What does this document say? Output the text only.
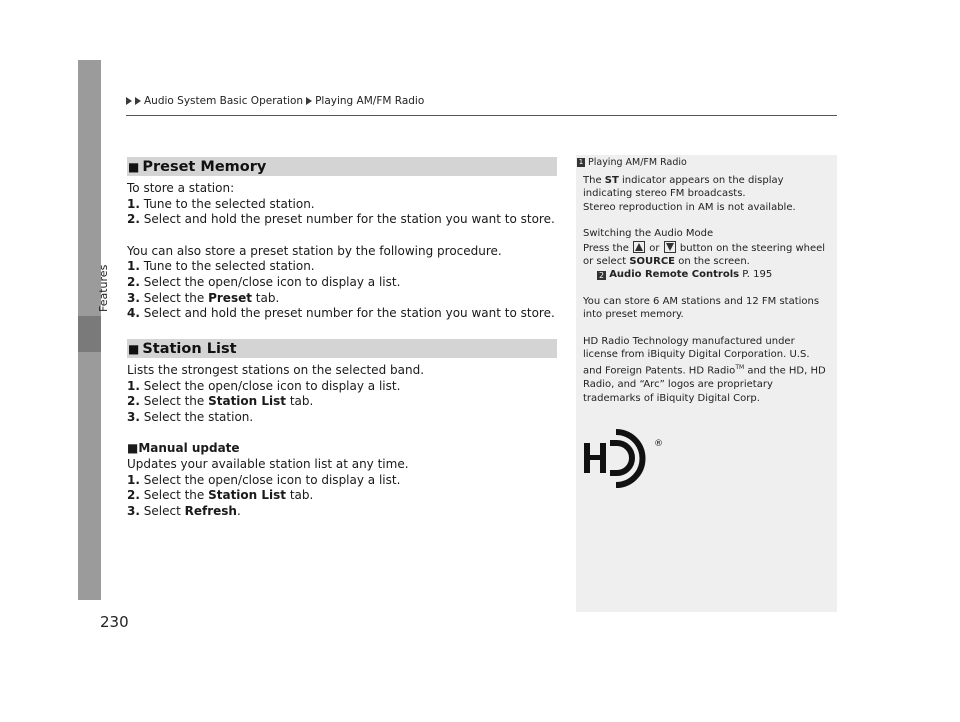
Features
Audio System Basic Operation Playing AM/FM Radio
■ Preset Memory

To store a station:

1. Tune to the selected station.

2. Select and hold the preset number for the station you want to store.

You can also store a preset station by the following procedure.

1. Tune to the selected station.

2. Select the open/close icon to display a list.

3. Select the Preset tab.

4. Select and hold the preset number for the station you want to store.

■ Station List

Lists the strongest stations on the selected band.

1. Select the open/close icon to display a list.

2. Select the Station List tab.

3. Select the station.

■Manual update

Updates your available station list at any time.

1. Select the open/close icon to display a list.

2. Select the Station List tab.

3. Select Refresh.

1 Playing AM/FM Radio

The ST indicator appears on the display indicating stereo FM broadcasts.

Stereo reproduction in AM is not available.

Switching the Audio Mode

Press the or button on the steering wheel or select SOURCE on the screen.

2 Audio Remote Controls P. 195

You can store 6 AM stations and 12 FM stations into preset memory.

HD Radio Technology manufactured under license from iBiquity Digital Corporation. U.S. and Foreign Patents. HD Radio™ and the HD, HD Radio, and “Arc” logos are proprietary trademarks of iBiquity Digital Corp.

®
230
